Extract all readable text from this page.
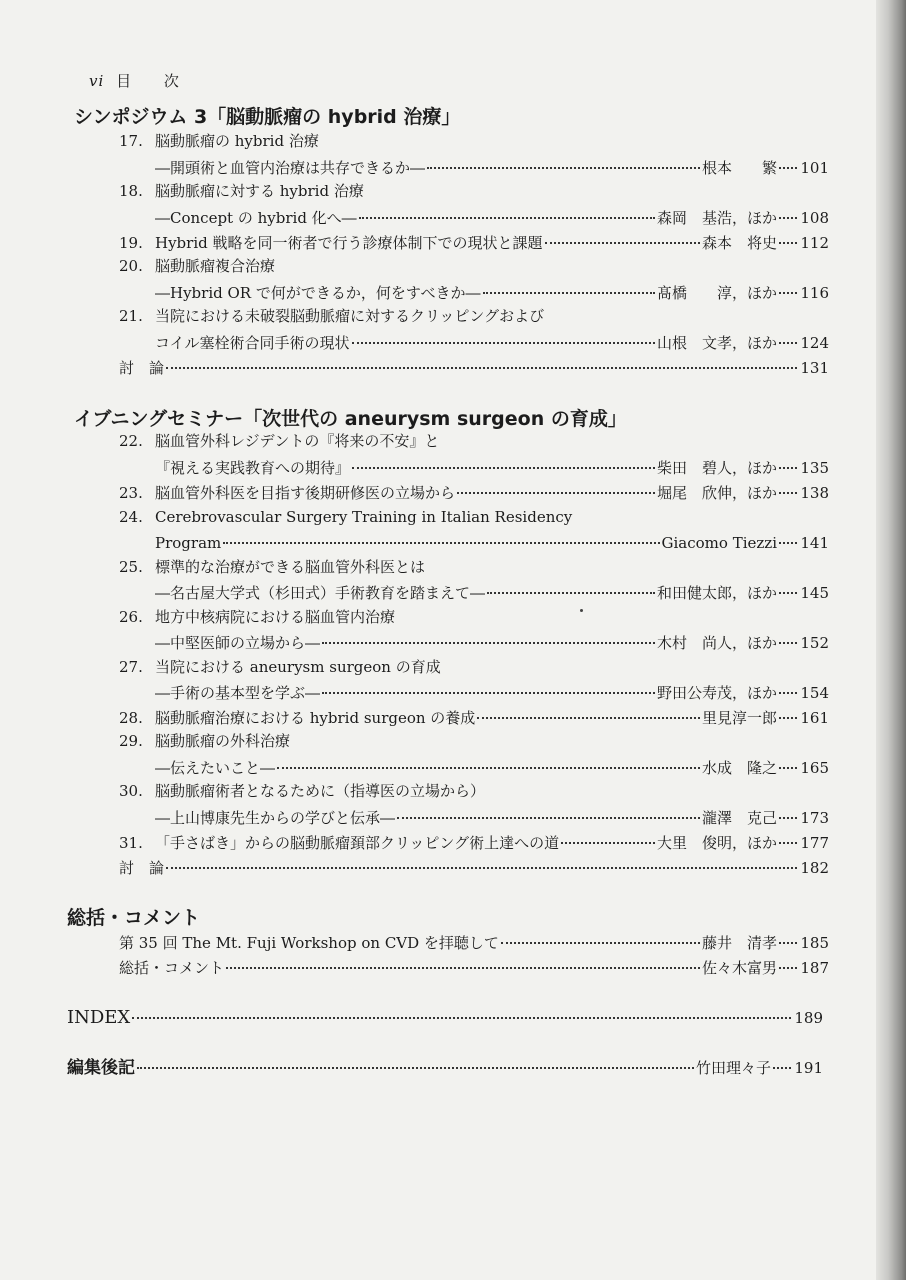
vi 目 次
シンポジウム 3「脳動脈瘤の hybrid 治療」
17. 脳動脈瘤の hybrid 治療
―開頭術と血管内治療は共存できるか―	根本　　繁 101
18. 脳動脈瘤に対する hybrid 治療
―Concept の hybrid 化へ―	森岡　基浩，ほか 108
19. Hybrid 戦略を同一術者で行う診療体制下での現状と課題	森本　将史 112
20. 脳動脈瘤複合治療
―Hybrid OR で何ができるか，何をすべきか―	髙橋　　淳，ほか 116
21. 当院における未破裂脳動脈瘤に対するクリッピングおよび
コイル塞栓術合同手術の現状	山根　文孝，ほか 124
討　論	131
イブニングセミナー「次世代の aneurysm surgeon の育成」
22. 脳血管外科レジデントの『将来の不安』と
『視える実践教育への期待』	柴田　碧人，ほか 135
23. 脳血管外科医を目指す後期研修医の立場から	堀尾　欣伸，ほか 138
24. Cerebrovascular Surgery Training in Italian Residency
Program	Giacomo Tiezzi 141
25. 標準的な治療ができる脳血管外科医とは
―名古屋大学式（杉田式）手術教育を踏まえて―	和田健太郎，ほか 145
26. 地方中核病院における脳血管内治療
―中堅医師の立場から―	木村　尚人，ほか 152
27. 当院における aneurysm surgeon の育成
―手術の基本型を学ぶ―	野田公寿茂，ほか 154
28. 脳動脈瘤治療における hybrid surgeon の養成	里見淳一郎 161
29. 脳動脈瘤の外科治療
―伝えたいこと―	水成　隆之 165
30. 脳動脈瘤術者となるために（指導医の立場から）
―上山博康先生からの学びと伝承―	瀧澤　克己 173
31. 「手さばき」からの脳動脈瘤頚部クリッピング術上達への道	大里　俊明，ほか 177
討　論	182
総括・コメント
第 35 回 The Mt. Fuji Workshop on CVD を拝聴して	藤井　清孝 185
総括・コメント	佐々木富男 187
INDEX	189
編集後記	竹田理々子 191
